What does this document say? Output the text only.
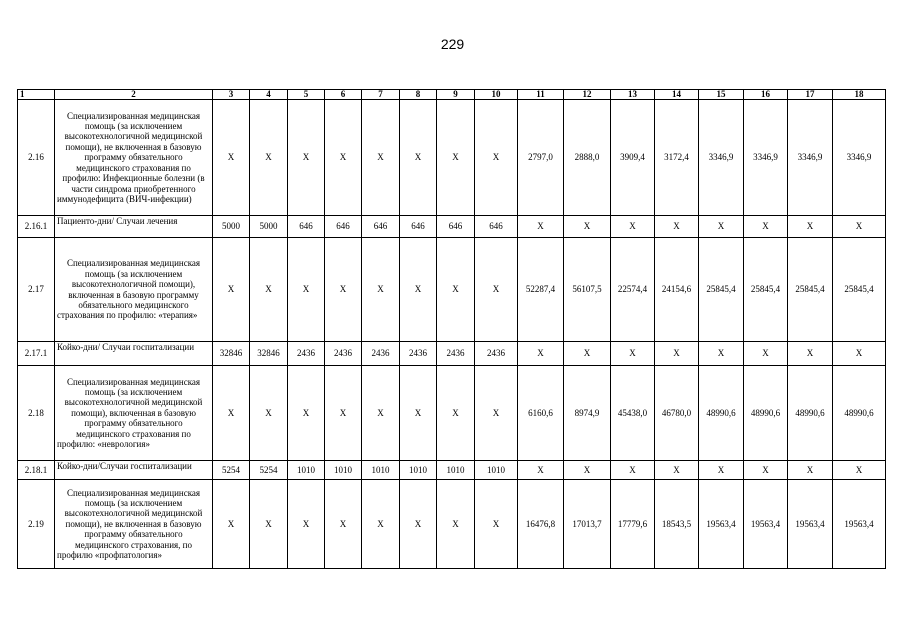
229
1	2	3	4	5	6	7	8	9	10	11	12	13	14	15	16	17	18
2.16	Специализированная медицинская помощь (за исключением высокотехнологичной медицинской помощи), не включенная в базовую программу обязательного медицинского страхования по профилю: Инфекционные болезни (в части синдрома приобретенного иммунодефицита (ВИЧ-инфекции)	X	X	X	X	X	X	X	X	2797,0	2888,0	3909,4	3172,4	3346,9	3346,9	3346,9	3346,9
2.16.1	Пациенто-дни/ Случаи лечения	5000	5000	646	646	646	646	646	646	X	X	X	X	X	X	X	X
2.17	Специализированная медицинская помощь (за исключением высокотехнологичной помощи), включенная в базовую программу обязательного медицинского страхования по профилю: «терапия»	X	X	X	X	X	X	X	X	52287,4	56107,5	22574,4	24154,6	25845,4	25845,4	25845,4	25845,4
2.17.1	Койко-дни/ Случаи госпитализации	32846	32846	2436	2436	2436	2436	2436	2436	X	X	X	X	X	X	X	X
2.18	Специализированная медицинская помощь (за исключением высокотехнологичной медицинской помощи), включенная в базовую программу обязательного медицинского страхования по профилю: «неврология»	X	X	X	X	X	X	X	X	6160,6	8974,9	45438,0	46780,0	48990,6	48990,6	48990,6	48990,6
2.18.1	Койко-дни/Случаи госпитализации	5254	5254	1010	1010	1010	1010	1010	1010	X	X	X	X	X	X	X	X
2.19	Специализированная медицинская помощь (за исключением высокотехнологичной медицинской помощи), не включенная в базовую программу обязательного медицинского страхования, по профилю «профпатология»	X	X	X	X	X	X	X	X	16476,8	17013,7	17779,6	18543,5	19563,4	19563,4	19563,4	19563,4
